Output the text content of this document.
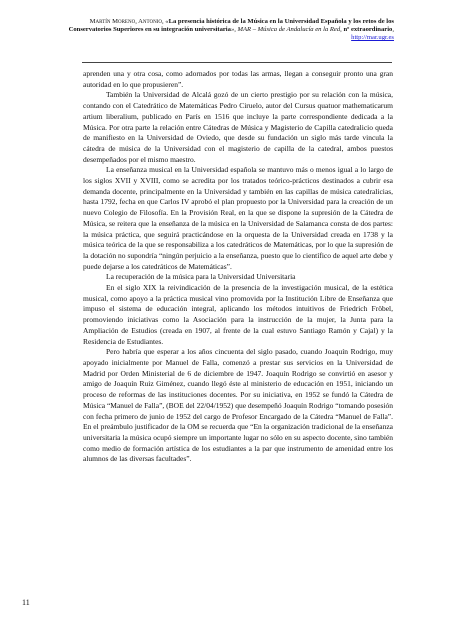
Martín Moreno, Antonio, «La presencia histórica de la Música en la Universidad Española y los retos de los Conservatorios Superiores en su integración universitaria», MAR – Música de Andalucía en la Red, nº extraordinario, http://mar.ugr.es

aprenden una y otra cosa, como adornados por todas las armas, llegan a conseguir pronto una gran autoridad en lo que propusieren”.

También la Universidad de Alcalá gozó de un cierto prestigio por su relación con la música, contando con el Catedrático de Matemáticas Pedro Ciruelo, autor del Cursus quatuor mathematicarum artium liberalium, publicado en París en 1516 que incluye la parte correspondiente dedicada a la Música. Por otra parte la relación entre Cátedras de Música y Magisterio de Capilla catedralicio queda de manifiesto en la Universidad de Oviedo, que desde su fundación un siglo más tarde vincula la cátedra de música de la Universidad con el magisterio de capilla de la catedral, ambos puestos desempeñados por el mismo maestro.

La enseñanza musical en la Universidad española se mantuvo más o menos igual a lo largo de los siglos XVII y XVIII, como se acredita por los tratados teórico-prácticos destinados a cubrir esa demanda docente, principalmente en la Universidad y también en las capillas de música catedralicias, hasta 1792, fecha en que Carlos IV aprobó el plan propuesto por la Universidad para la creación de un nuevo Colegio de Filosofía. En la Provisión Real, en la que se dispone la supresión de la Cátedra de Música, se reitera que la enseñanza de la música en la Universidad de Salamanca consta de dos partes: la música práctica, que seguirá practicándose en la orquesta de la Universidad creada en 1738 y la música teórica de la que se responsabiliza a los catedráticos de Matemáticas, por lo que la supresión de la dotación no supondría “ningún perjuicio a la enseñanza, puesto que lo científico de aquel arte debe y puede dejarse a los catedráticos de Matemáticas”.

La recuperación de la música para la Universidad Universitaria

En el siglo XIX la reivindicación de la presencia de la investigación musical, de la estética musical, como apoyo a la práctica musical vino promovida por la Institución Libre de Enseñanza que impuso el sistema de educación integral, aplicando los métodos intuitivos de Friedrich Fröbel, promoviendo iniciativas como la Asociación para la instrucción de la mujer, la Junta para la Ampliación de Estudios (creada en 1907, al frente de la cual estuvo Santiago Ramón y Cajal) y la Residencia de Estudiantes.

Pero habría que esperar a los años cincuenta del siglo pasado, cuando Joaquín Rodrigo, muy apoyado inicialmente por Manuel de Falla, comenzó a prestar sus servicios en la Universidad de Madrid por Orden Ministerial de 6 de diciembre de 1947. Joaquín Rodrigo se convirtió en asesor y amigo de Joaquín Ruiz Giménez, cuando llegó éste al ministerio de educación en 1951, iniciando un proceso de reformas de las instituciones docentes. Por su iniciativa, en 1952 se fundó la Cátedra de Música “Manuel de Falla”, (BOE del 22/04/1952) que desempeñó Joaquín Rodrigo “tomando posesión con fecha primero de junio de 1952 del cargo de Profesor Encargado de la Cátedra “Manuel de Falla”. En el preámbulo justificador de la OM se recuerda que “En la organización tradicional de la enseñanza universitaria la música ocupó siempre un importante lugar no sólo en su aspecto docente, sino también como medio de formación artística de los estudiantes a la par que instrumento de amenidad entre los alumnos de las diversas facultades”.

11
